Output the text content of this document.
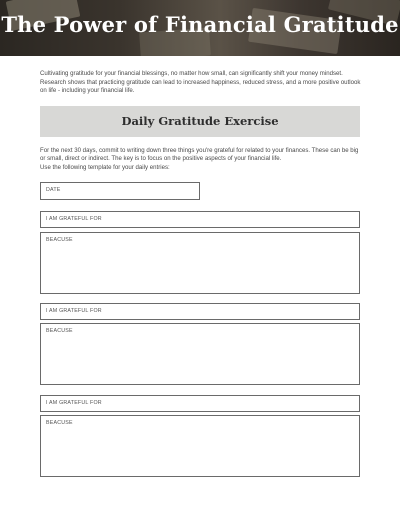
The Power of Financial Gratitude
Cultivating gratitude for your financial blessings, no matter how small, can significantly shift your money mindset. Research shows that practicing gratitude can lead to increased happiness, reduced stress, and a more positive outlook on life - including your financial life.
Daily Gratitude Exercise
For the next 30 days, commit to writing down three things you're grateful for related to your finances. These can be big or small, direct or indirect. The key is to focus on the positive aspects of your financial life.
Use the following template for your daily entries:
DATE
I AM GRATEFUL FOR
BEACUSE
I AM GRATEFUL FOR
BEACUSE
I AM GRATEFUL FOR
BEACUSE
